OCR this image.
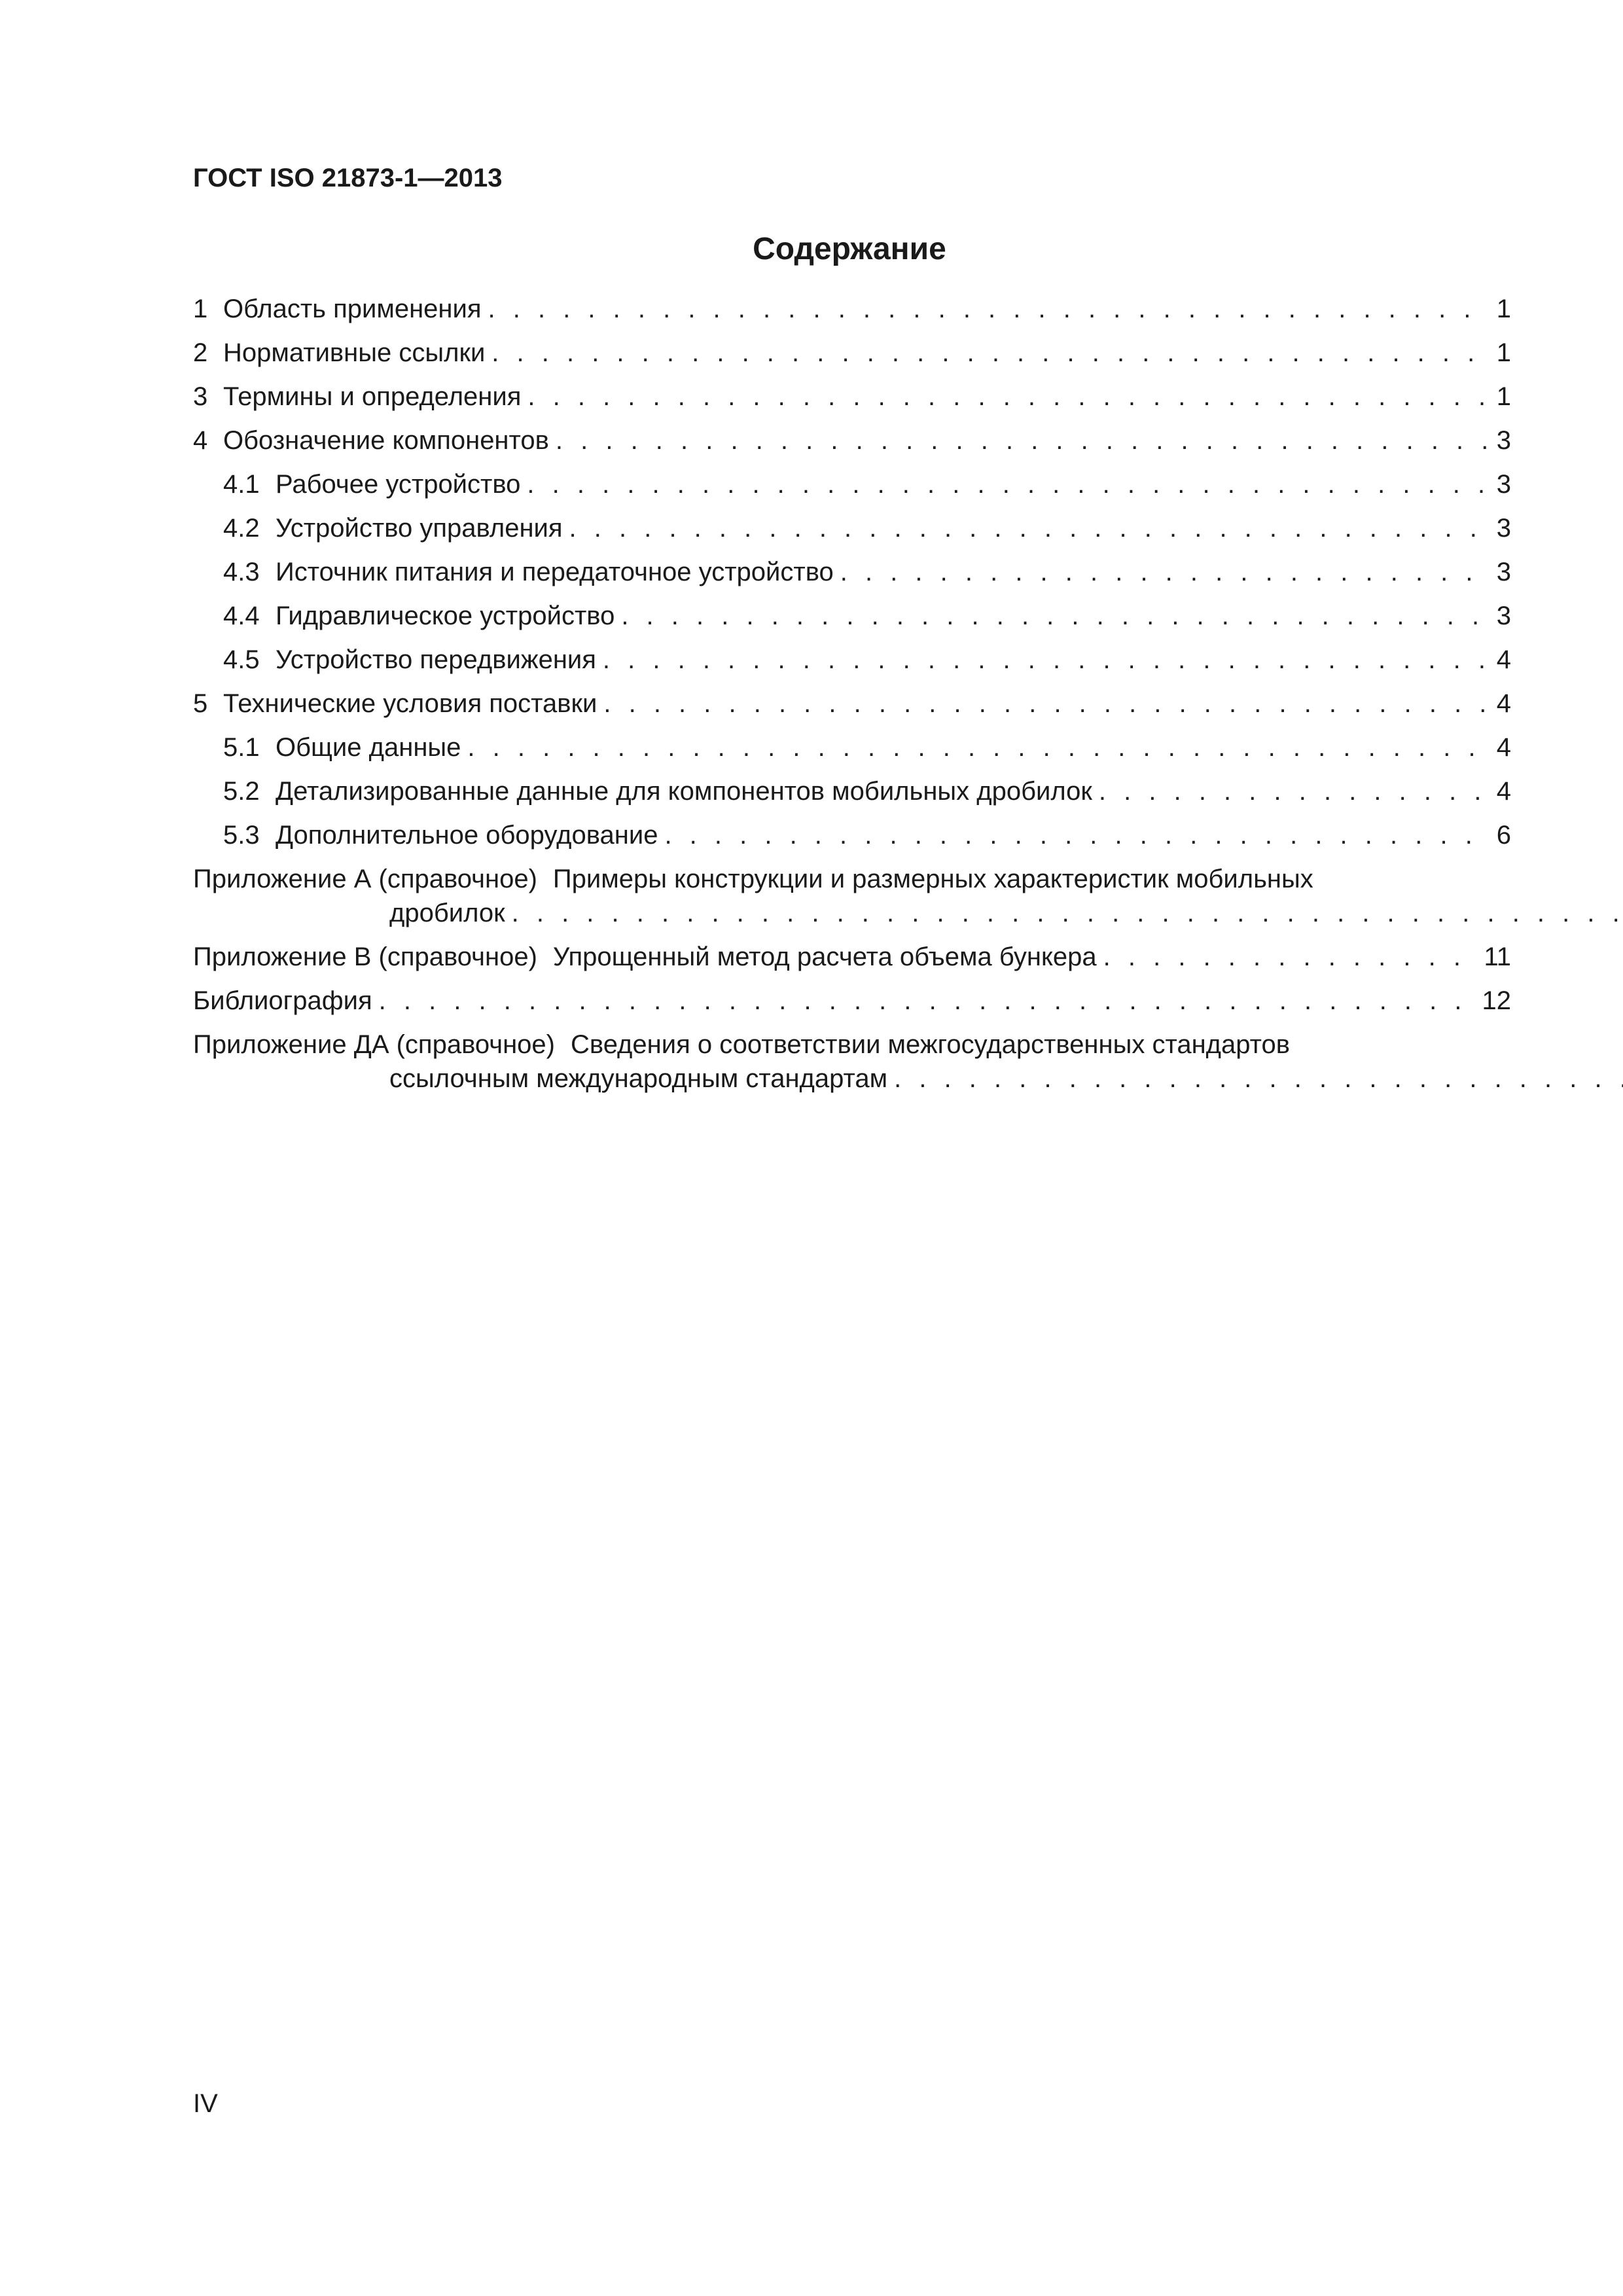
ГОСТ ISO 21873-1—2013
Содержание
1 Область применения . . .	1
2 Нормативные ссылки . . .	1
3 Термины и определения . . .	1
4 Обозначение компонентов . . .	3
4.1 Рабочее устройство . . .	3
4.2 Устройство управления . . .	3
4.3 Источник питания и передаточное устройство . . .	3
4.4 Гидравлическое устройство . . .	3
4.5 Устройство передвижения . . .	4
5 Технические условия поставки . . .	4
5.1 Общие данные . . .	4
5.2 Детализированные данные для компонентов мобильных дробилок . . .	4
5.3 Дополнительное оборудование . . .	6
Приложение А (справочное) Примеры конструкции и размерных характеристик мобильных
дробилок
. . .
Приложение В (справочное) Упрощенный метод расчета объема бункера . . .	11
Библиография . . .	12
Приложение ДА (справочное) Сведения о соответствии межгосударственных стандартов
ссылочным международным стандартам
. . .
IV
